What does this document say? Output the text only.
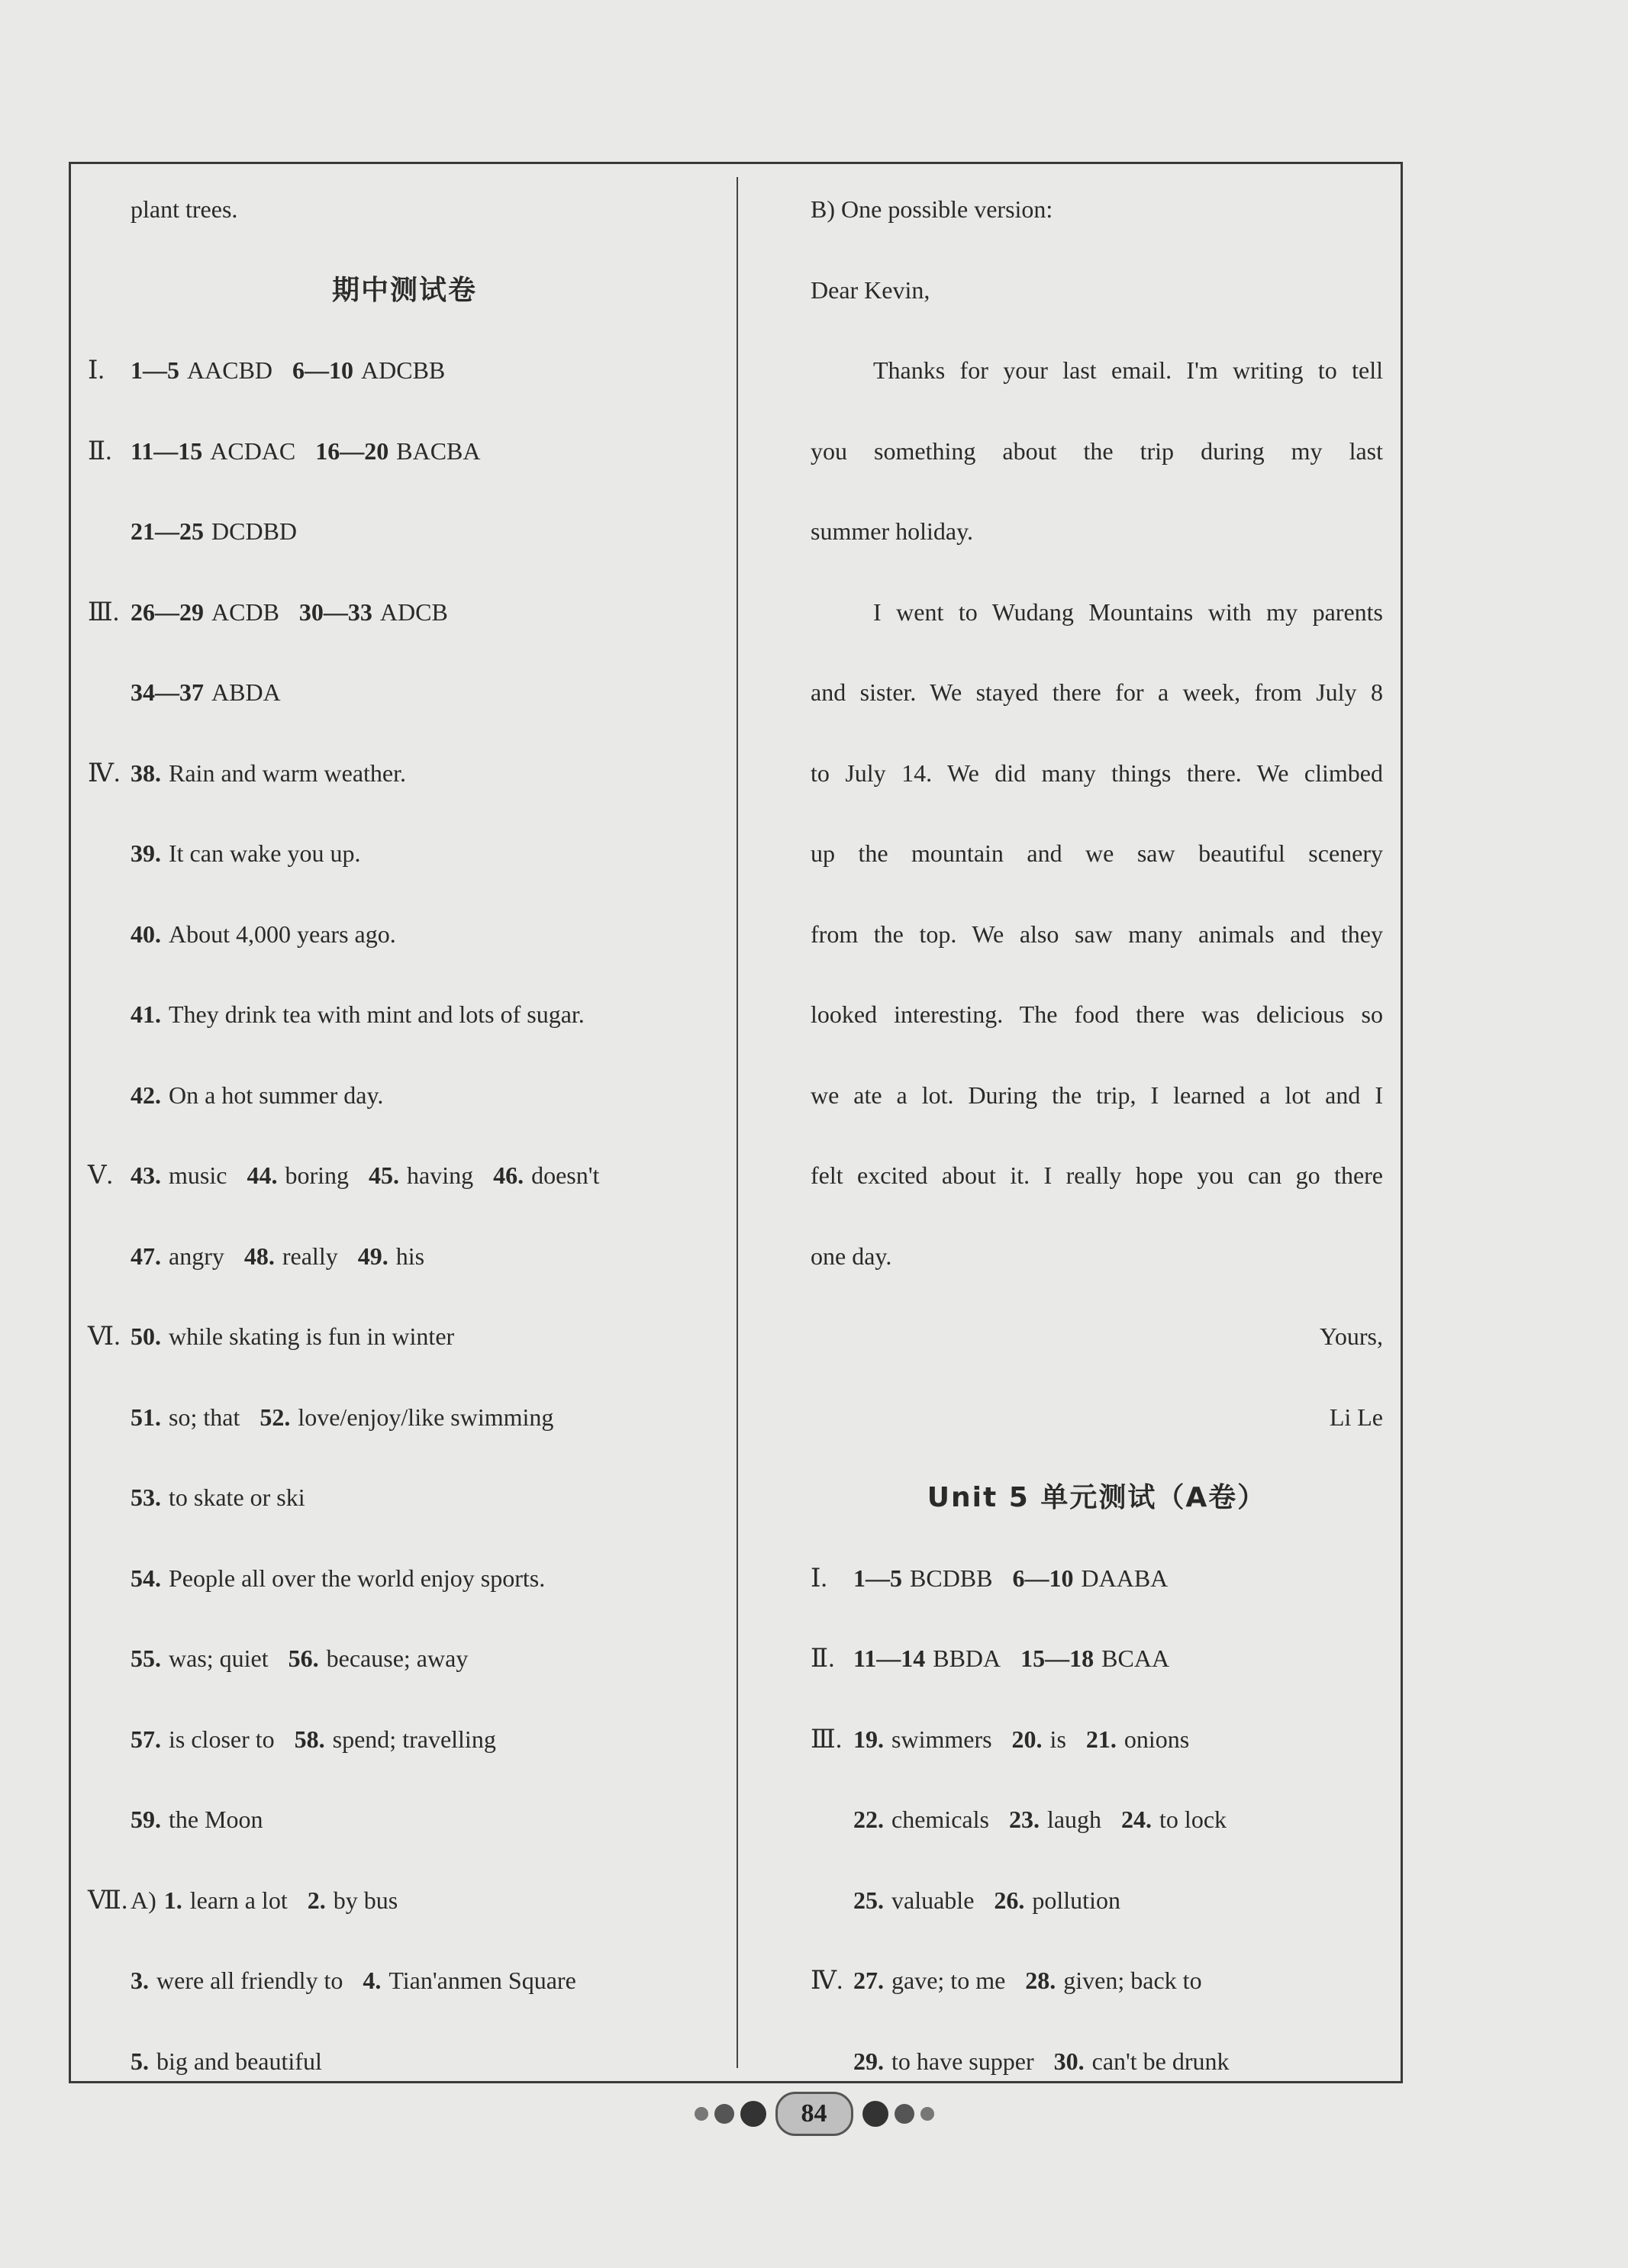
plant trees.
期中测试卷
Ⅰ.	1—5 AACBD 6—10 ADCBB
Ⅱ. 11—15 ACDAC 16—20 BACBA
21—25 DCDBD
Ⅲ. 26—29 ACDB 30—33 ADCB
34—37 ABDA
Ⅳ. 38. Rain and warm weather.
39. It can wake you up.
40. About 4,000 years ago.
41. They drink tea with mint and lots of sugar.
42. On a hot summer day.
Ⅴ. 43. music 44. boring 45. having 46. doesn't
47. angry 48. really 49. his
Ⅵ. 50. while skating is fun in winter
51. so; that 52. love/enjoy/like swimming
53. to skate or ski
54. People all over the world enjoy sports.
55. was; quiet 56. because; away
57. is closer to 58. spend; travelling
59. the Moon
Ⅶ. A) 1. learn a lot 2. by bus
3. were all friendly to 4. Tian'anmen Square
5. big and beautiful
B) One possible version:
Dear Kevin,
Thanks for your last email. I'm writing to tell
you something about the trip during my last
summer holiday.
I went to Wudang Mountains with my parents
and sister. We stayed there for a week, from July 8
to July 14. We did many things there. We climbed
up the mountain and we saw beautiful scenery
from the top. We also saw many animals and they
looked interesting. The food there was delicious so
we ate a lot. During the trip, I learned a lot and I
felt excited about it. I really hope you can go there
one day.
Yours,
Li Le
Unit 5 单元测试（A卷）
Ⅰ.	1—5 BCDBB 6—10 DAABA
Ⅱ. 11—14 BBDA 15—18 BCAA
Ⅲ. 19. swimmers 20. is 21. onions
22. chemicals 23. laugh 24. to lock
25. valuable 26. pollution
Ⅳ. 27. gave; to me 28. given; back to
29. to have supper 30. can't be drunk
84
